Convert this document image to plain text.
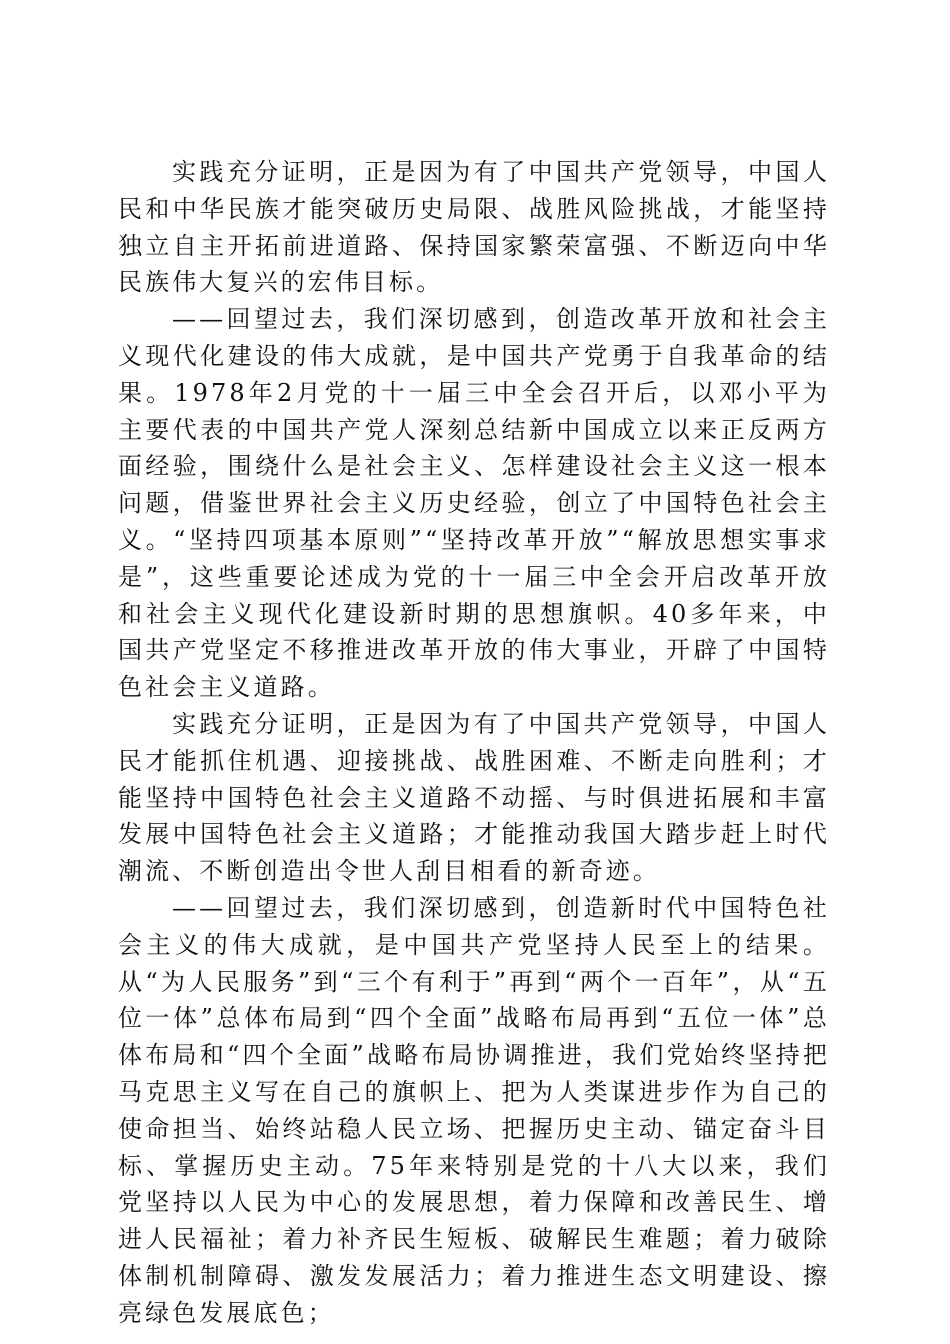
实践充分证明，正是因为有了中国共产党领导，中国人民和中华民族才能突破历史局限、战胜风险挑战，才能坚持独立自主开拓前进道路、保持国家繁荣富强、不断迈向中华民族伟大复兴的宏伟目标。

——回望过去，我们深切感到，创造改革开放和社会主义现代化建设的伟大成就，是中国共产党勇于自我革命的结果。1978年2月党的十一届三中全会召开后，以邓小平为主要代表的中国共产党人深刻总结新中国成立以来正反两方面经验，围绕什么是社会主义、怎样建设社会主义这一根本问题，借鉴世界社会主义历史经验，创立了中国特色社会主义。“坚持四项基本原则”“坚持改革开放”“解放思想实事求是”，这些重要论述成为党的十一届三中全会开启改革开放和社会主义现代化建设新时期的思想旗帜。40多年来，中国共产党坚定不移推进改革开放的伟大事业，开辟了中国特色社会主义道路。

实践充分证明，正是因为有了中国共产党领导，中国人民才能抓住机遇、迎接挑战、战胜困难、不断走向胜利；才能坚持中国特色社会主义道路不动摇、与时俱进拓展和丰富发展中国特色社会主义道路；才能推动我国大踏步赶上时代潮流、不断创造出令世人刮目相看的新奇迹。

——回望过去，我们深切感到，创造新时代中国特色社会主义的伟大成就，是中国共产党坚持人民至上的结果。从“为人民服务”到“三个有利于”再到“两个一百年”，从“五位一体”总体布局到“四个全面”战略布局再到“五位一体”总体布局和“四个全面”战略布局协调推进，我们党始终坚持把马克思主义写在自己的旗帜上、把为人类谋进步作为自己的使命担当、始终站稳人民立场、把握历史主动、锚定奋斗目标、掌握历史主动。75年来特别是党的十八大以来，我们党坚持以人民为中心的发展思想，着力保障和改善民生、增进人民福祉；着力补齐民生短板、破解民生难题；着力破除体制机制障碍、激发发展活力；着力推进生态文明建设、擦亮绿色发展底色；
